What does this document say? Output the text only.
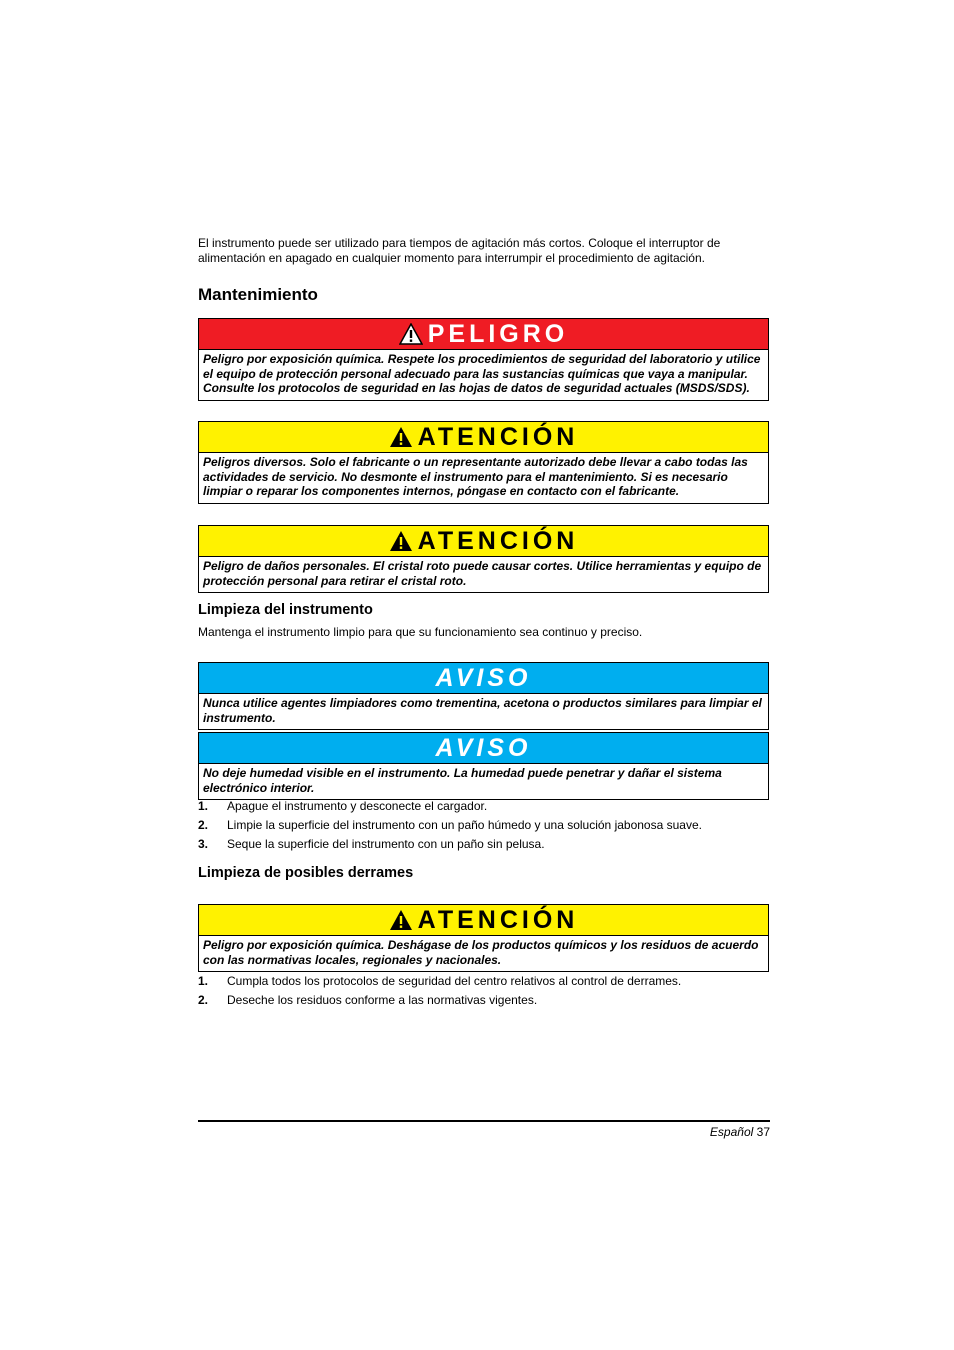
El instrumento puede ser utilizado para tiempos de agitación más cortos. Coloque el interruptor de alimentación en apagado en cualquier momento para interrumpir el procedimiento de agitación.

Mantenimiento
PELIGRO
Peligro por exposición química. Respete los procedimientos de seguridad del laboratorio y utilice el equipo de protección personal adecuado para las sustancias químicas que vaya a manipular. Consulte los protocolos de seguridad en las hojas de datos de seguridad actuales (MSDS/SDS).
ATENCIÓN
Peligros diversos. Solo el fabricante o un representante autorizado debe llevar a cabo todas las actividades de servicio. No desmonte el instrumento para el mantenimiento. Si es necesario limpiar o reparar los componentes internos, póngase en contacto con el fabricante.
ATENCIÓN
Peligro de daños personales. El cristal roto puede causar cortes. Utilice herramientas y equipo de protección personal para retirar el cristal roto.
Limpieza del instrumento

Mantenga el instrumento limpio para que su funcionamiento sea continuo y preciso.

AVISO
Nunca utilice agentes limpiadores como trementina, acetona o productos similares para limpiar el instrumento.
AVISO
No deje humedad visible en el instrumento. La humedad puede penetrar y dañar el sistema electrónico interior.
1.	Apague el instrumento y desconecte el cargador.
2.	Limpie la superficie del instrumento con un paño húmedo y una solución jabonosa suave.
3.	Seque la superficie del instrumento con un paño sin pelusa.
Limpieza de posibles derrames
ATENCIÓN
Peligro por exposición química. Deshágase de los productos químicos y los residuos de acuerdo con las normativas locales, regionales y nacionales.
1.	Cumpla todos los protocolos de seguridad del centro relativos al control de derrames.
2.	Deseche los residuos conforme a las normativas vigentes.
Español 37
